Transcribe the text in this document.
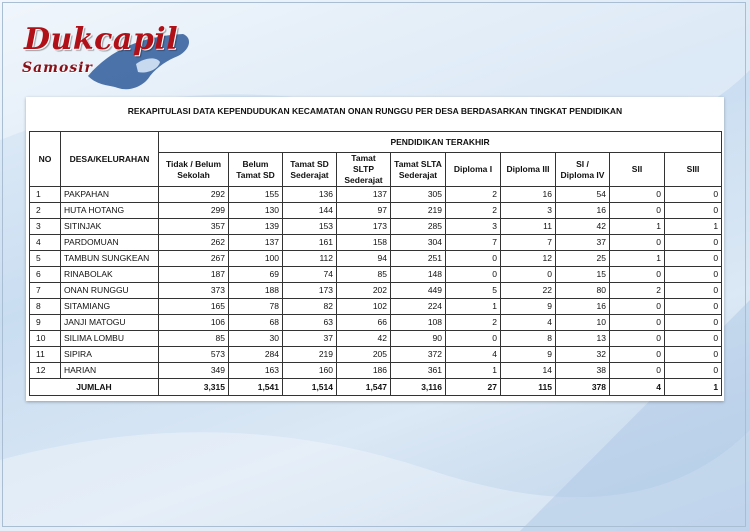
Dukcapil
Samosir
REKAPITULASI DATA KEPENDUDUKAN KECAMATAN ONAN RUNGGU PER DESA BERDASARKAN TINGKAT PENDIDIKAN
NO	DESA/KELURAHAN	PENDIDIKAN TERAKHIR									
		Tidak / Belum Sekolah	Belum Tamat SD	Tamat SD Sederajat	Tamat SLTP Sederajat	Tamat SLTA Sederajat	Diploma I	Diploma III	SI / Diploma IV	SII	SIII
1	PAKPAHAN	292	155	136	137	305	2	16	54	0	0
2	HUTA HOTANG	299	130	144	97	219	2	3	16	0	0
3	SITINJAK	357	139	153	173	285	3	11	42	1	1
4	PARDOMUAN	262	137	161	158	304	7	7	37	0	0
5	TAMBUN SUNGKEAN	267	100	112	94	251	0	12	25	1	0
6	RINABOLAK	187	69	74	85	148	0	0	15	0	0
7	ONAN RUNGGU	373	188	173	202	449	5	22	80	2	0
8	SITAMIANG	165	78	82	102	224	1	9	16	0	0
9	JANJI MATOGU	106	68	63	66	108	2	4	10	0	0
10	SILIMA LOMBU	85	30	37	42	90	0	8	13	0	0
11	SIPIRA	573	284	219	205	372	4	9	32	0	0
12	HARIAN	349	163	160	186	361	1	14	38	0	0
JUMLAH		3,315	1,541	1,514	1,547	3,116	27	115	378	4	1
